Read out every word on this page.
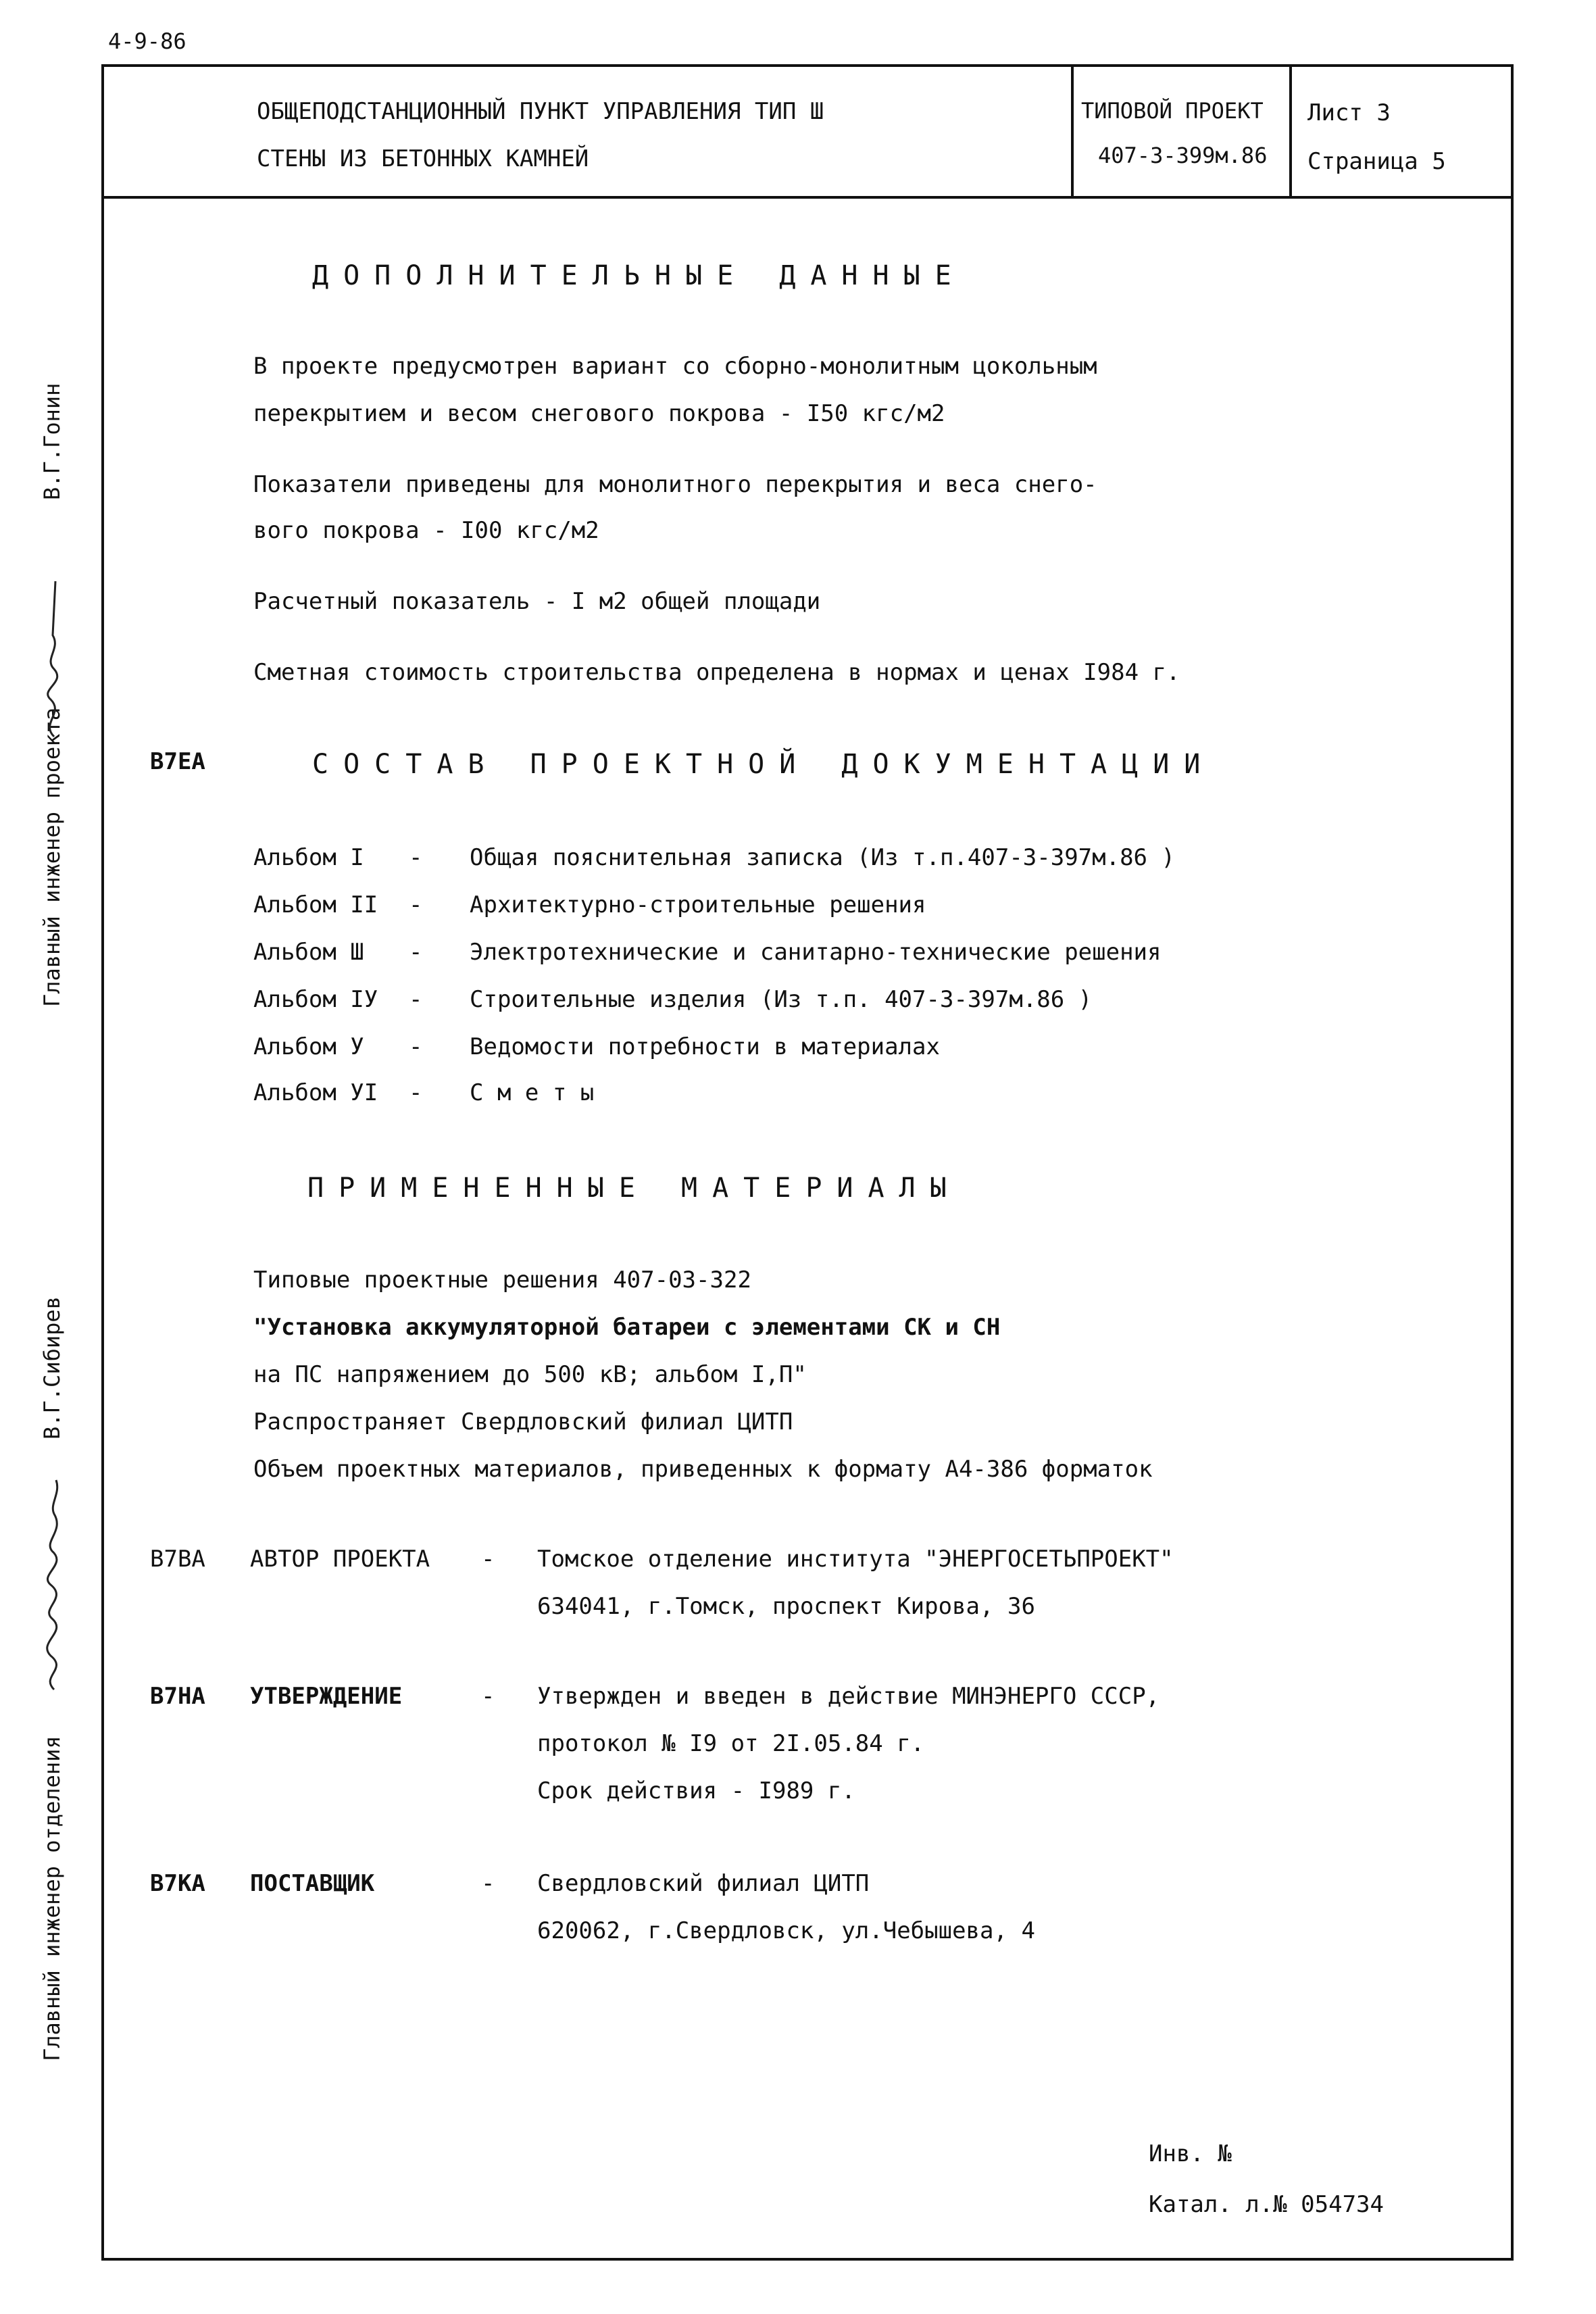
4-9-86
ОБЩЕПОДСТАНЦИОННЫЙ ПУНКТ УПРАВЛЕНИЯ ТИП Ш
СТЕНЫ ИЗ БЕТОННЫХ КАМНЕЙ
ТИПОВОЙ ПРОЕКТ
407-3-399м.86
Лист 3
Страница 5
ДОПОЛНИТЕЛЬНЫЕ ДАННЫЕ
В проекте предусмотрен вариант со сборно-монолитным цокольным
перекрытием и весом снегового покрова - I50 кгс/м2
Показатели приведены для монолитного перекрытия и веса снего-
вого покрова - I00 кгс/м2
Расчетный показатель - I м2 общей площади
Сметная стоимость строительства определена в нормах и ценах I984 г.
В7ЕА	СОСТАВ ПРОЕКТНОЙ ДОКУМЕНТАЦИИ
Альбом I - Общая пояснительная записка (Из т.п.407-3-397м.86 )
Альбом II - Архитектурно-строительные решения
Альбом Ш - Электротехнические и санитарно-технические решения
Альбом IУ - Строительные изделия (Из т.п. 407-3-397м.86 )
Альбом У - Ведомости потребности в материалах
Альбом УI - С м е т ы
ПРИМЕНЕННЫЕ МАТЕРИАЛЫ
Типовые проектные решения 407-03-322
"Установка аккумуляторной батареи с элементами СК и СН
на ПС напряжением до 500 кВ; альбом I,П"
Распространяет Свердловский филиал ЦИТП
Объем проектных материалов, приведенных к формату А4-386 форматок
В7ВА АВТОР ПРОЕКТА - Томское отделение института "ЭНЕРГОСЕТЬПРОЕКТ"
634041, г.Томск, проспект Кирова, 36
В7НА УТВЕРЖДЕНИЕ	- Утвержден и введен в действие МИНЭНЕРГО СССР,
протокол № I9 от 2I.05.84 г.
Срок действия - I989 г.
В7КА ПОСТАВЩИК	- Свердловский филиал ЦИТП
620062, г.Свердловск, ул.Чебышева, 4
Инв. №
Катал. л.№ 054734
Главный инженер проекта
В.Г.Гонин
Главный инженер отделения
В.Г.Сибирев
